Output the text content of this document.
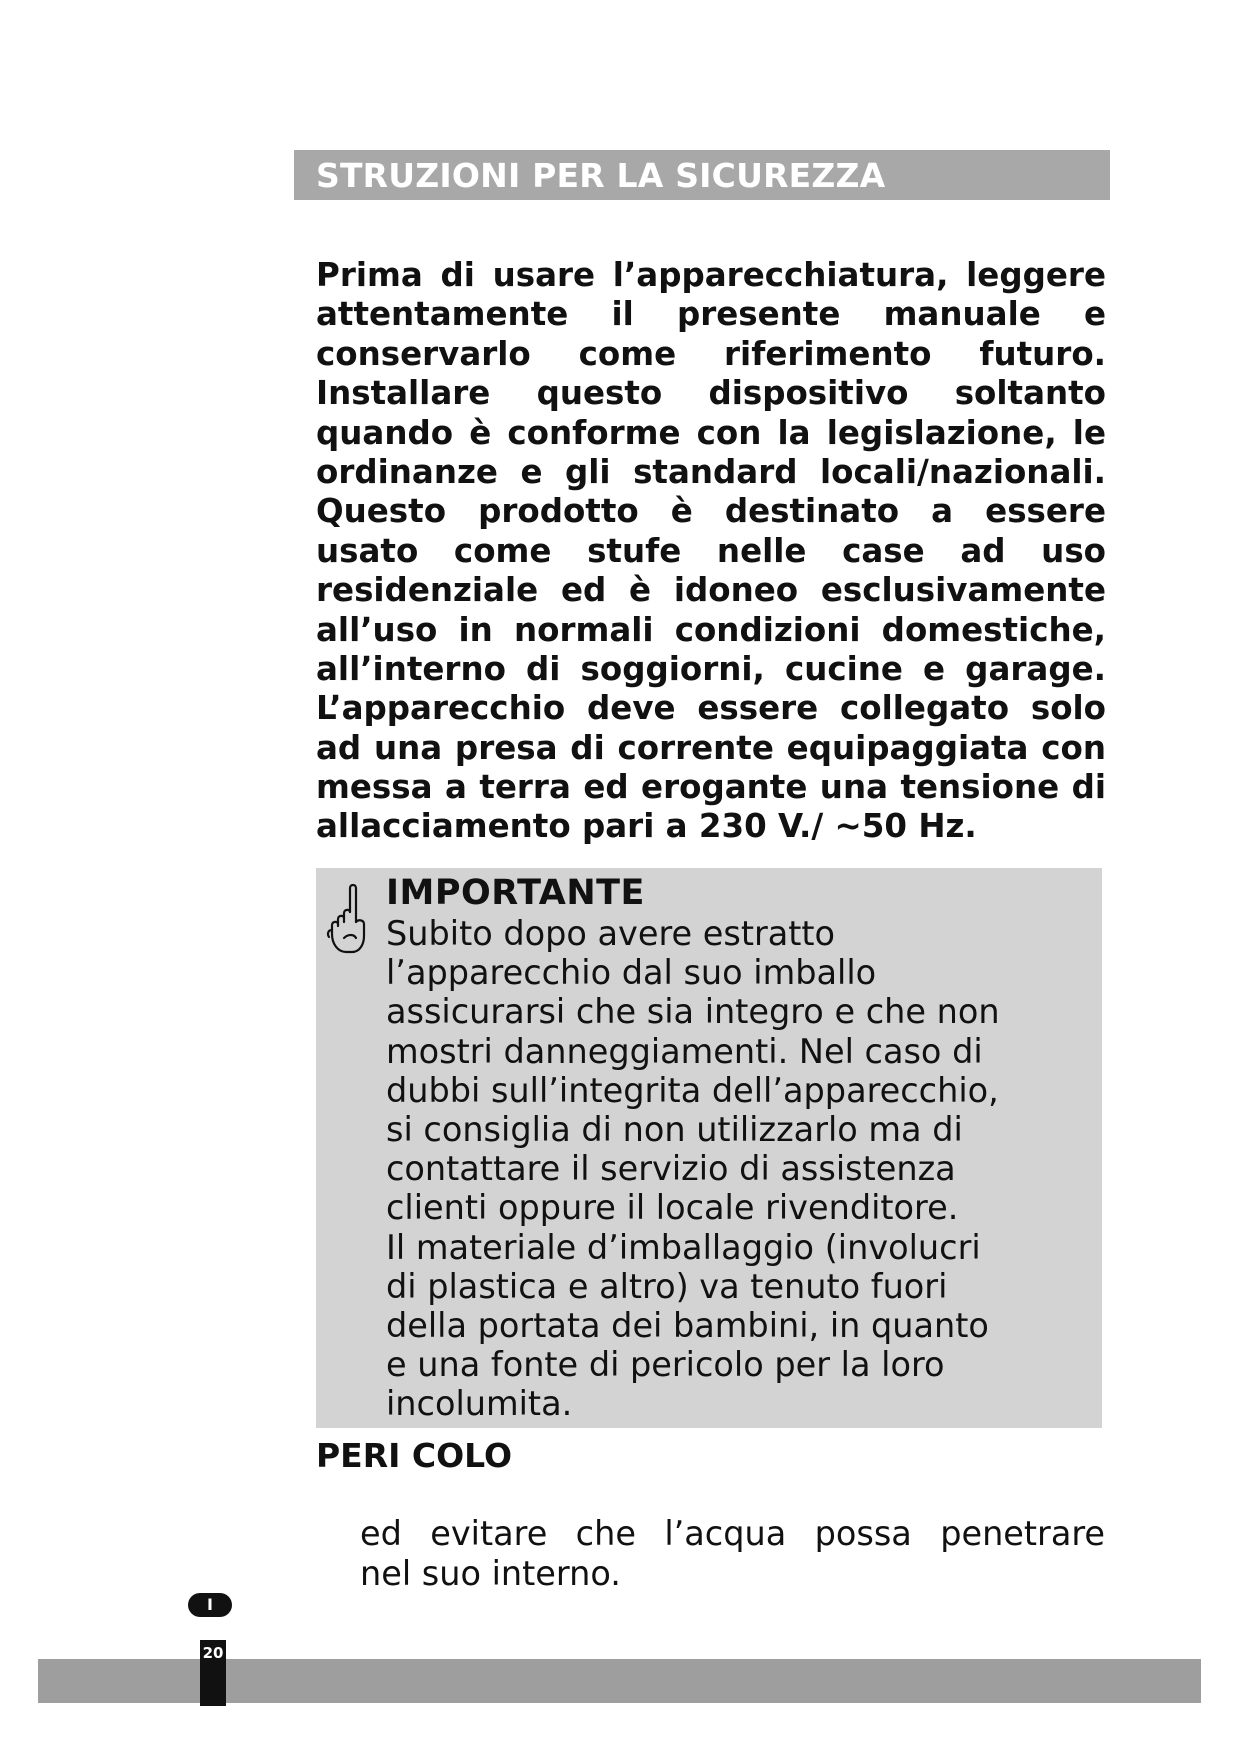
STRUZIONI PER LA SICUREZZA
Prima di usare l’apparecchiatura, leggere
attentamente il presente manuale e
conservarlo come riferimento futuro.
Installare questo dispositivo soltanto
quando è conforme con la legislazione, le
ordinanze e gli standard locali/nazionali.
Questo prodotto è destinato a essere
usato come stufe nelle case ad uso
residenziale ed è idoneo esclusivamente
all’uso in normali condizioni domestiche,
all’interno di soggiorni, cucine e garage.
L’apparecchio deve essere collegato solo
ad una presa di corrente equipaggiata con
messa a terra ed erogante una tensione di
allacciamento pari a 230 V./ ~50 Hz.
IMPORTANTE
Subito dopo avere estratto
l’apparecchio dal suo imballo
assicurarsi che sia integro e che non
mostri danneggiamenti. Nel caso di
dubbi sull’integrita dell’apparecchio,
si consiglia di non utilizzarlo ma di
contattare il servizio di assistenza
clienti oppure il locale rivenditore.
Il materiale d’imballaggio (involucri
di plastica e altro) va tenuto fuori
della portata dei bambini, in quanto
e una fonte di pericolo per la loro
incolumita.
PERI COLO
ed evitare che l’acqua possa penetrare
nel suo interno.
I
20
